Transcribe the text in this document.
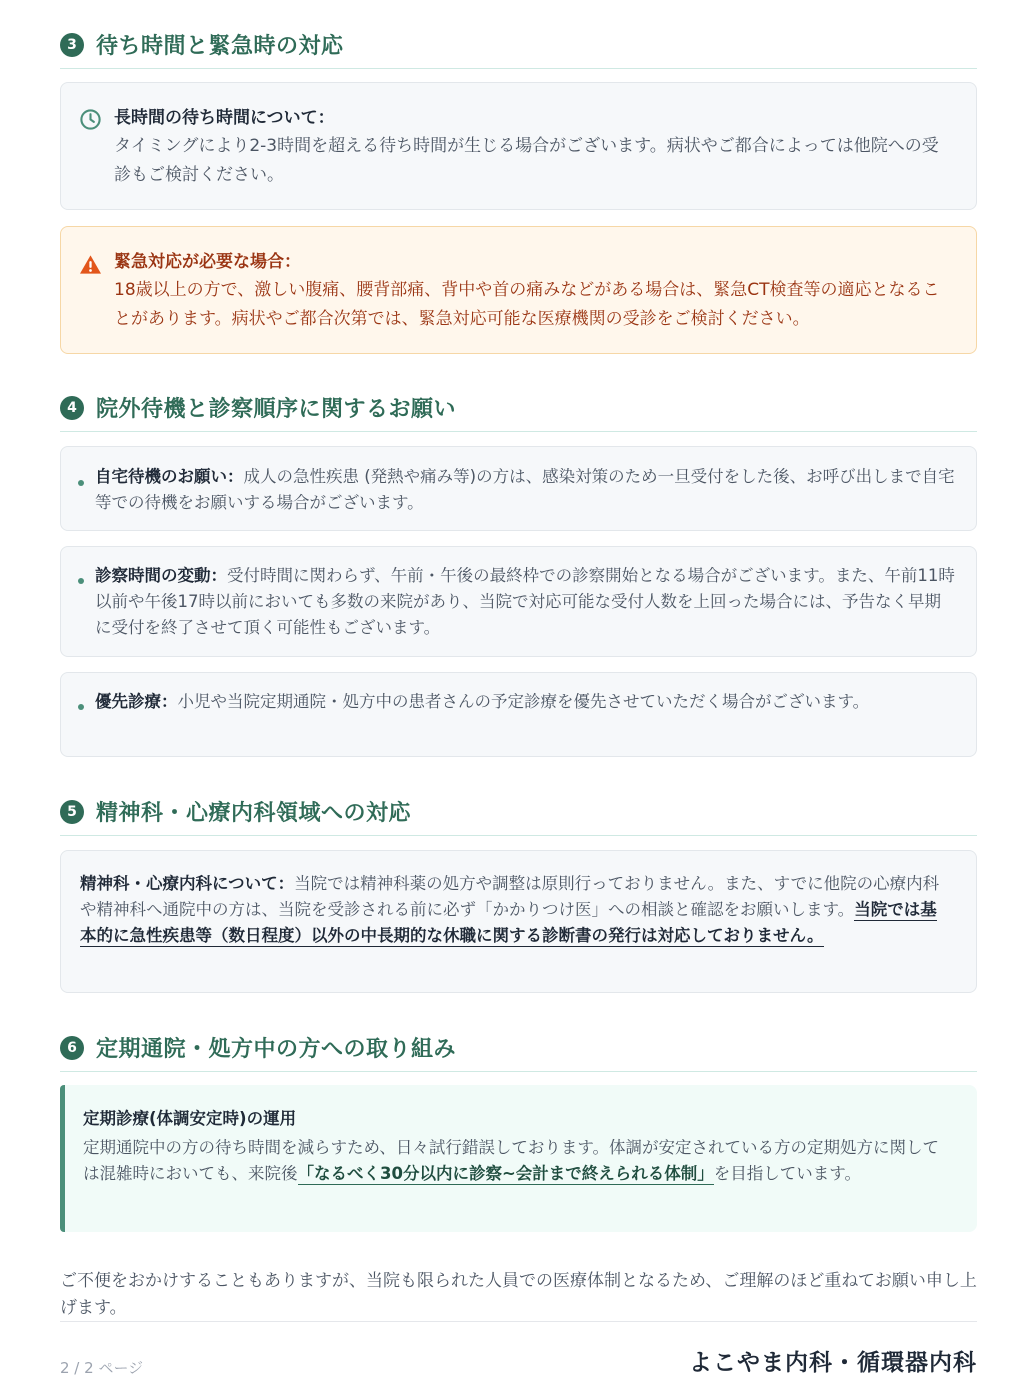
3 待ち時間と緊急時の対応
長時間の待ち時間について：
タイミングにより2-3時間を超える待ち時間が生じる場合がございます。病状やご都合によっては他院への受診もご検討ください。
緊急対応が必要な場合：
18歳以上の方で、激しい腹痛、腰背部痛、背中や首の痛みなどがある場合は、緊急CT検査等の適応となることがあります。病状やご都合次第では、緊急対応可能な医療機関の受診をご検討ください。
4 院外待機と診察順序に関するお願い
自宅待機のお願い：成人の急性疾患 (発熱や痛み等)の方は、感染対策のため一旦受付をした後、お呼び出しまで自宅等での待機をお願いする場合がございます。
診察時間の変動：受付時間に関わらず、午前・午後の最終枠での診察開始となる場合がございます。また、午前11時以前や午後17時以前においても多数の来院があり、当院で対応可能な受付人数を上回った場合には、予告なく早期に受付を終了させて頂く可能性もございます。
優先診療：小児や当院定期通院・処方中の患者さんの予定診療を優先させていただく場合がございます。
5 精神科・心療内科領域への対応
精神科・心療内科について：当院では精神科薬の処方や調整は原則行っておりません。また、すでに他院の心療内科や精神科へ通院中の方は、当院を受診される前に必ず「かかりつけ医」への相談と確認をお願いします。当院では基本的に急性疾患等（数日程度）以外の中長期的な休職に関する診断書の発行は対応しておりません。
6 定期通院・処方中の方への取り組み
定期診療(体調安定時)の運用
定期通院中の方の待ち時間を減らすため、日々試行錯誤しております。体調が安定されている方の定期処方に関しては混雑時においても、来院後「なるべく30分以内に診察~会計まで終えられる体制」を目指しています。
ご不便をおかけすることもありますが、当院も限られた人員での医療体制となるため、ご理解のほど重ねてお願い申し上げます。
2 / 2 ページ	よこやま内科・循環器内科
